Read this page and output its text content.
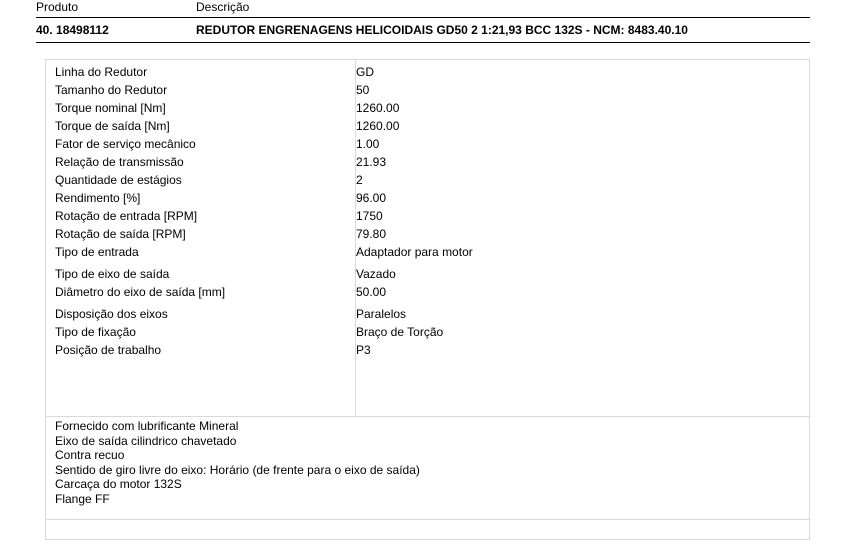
Produto	Descrição
40. 18498112	REDUTOR ENGRENAGENS HELICOIDAIS GD50 2 1:21,93 BCC 132S - NCM: 8483.40.10
Linha do Redutor	GD
Tamanho do Redutor	50
Torque nominal [Nm]	1260.00
Torque de saída [Nm]	1260.00
Fator de serviço mecânico	1.00
Relação de transmissão	21.93
Quantidade de estágios	2
Rendimento [%]	96.00
Rotação de entrada [RPM]	1750
Rotação de saída [RPM]	79.80
Tipo de entrada	Adaptador para motor
Tipo de eixo de saída	Vazado
Diâmetro do eixo de saída [mm]	50.00
Disposição dos eixos	Paralelos
Tipo de fixação	Braço de Torção
Posição de trabalho	P3
Fornecido com lubrificante Mineral
Eixo de saída cilindrico chavetado
Contra recuo
Sentido de giro livre do eixo: Horário (de frente para o eixo de saída)
Carcaça do motor 132S
Flange FF
